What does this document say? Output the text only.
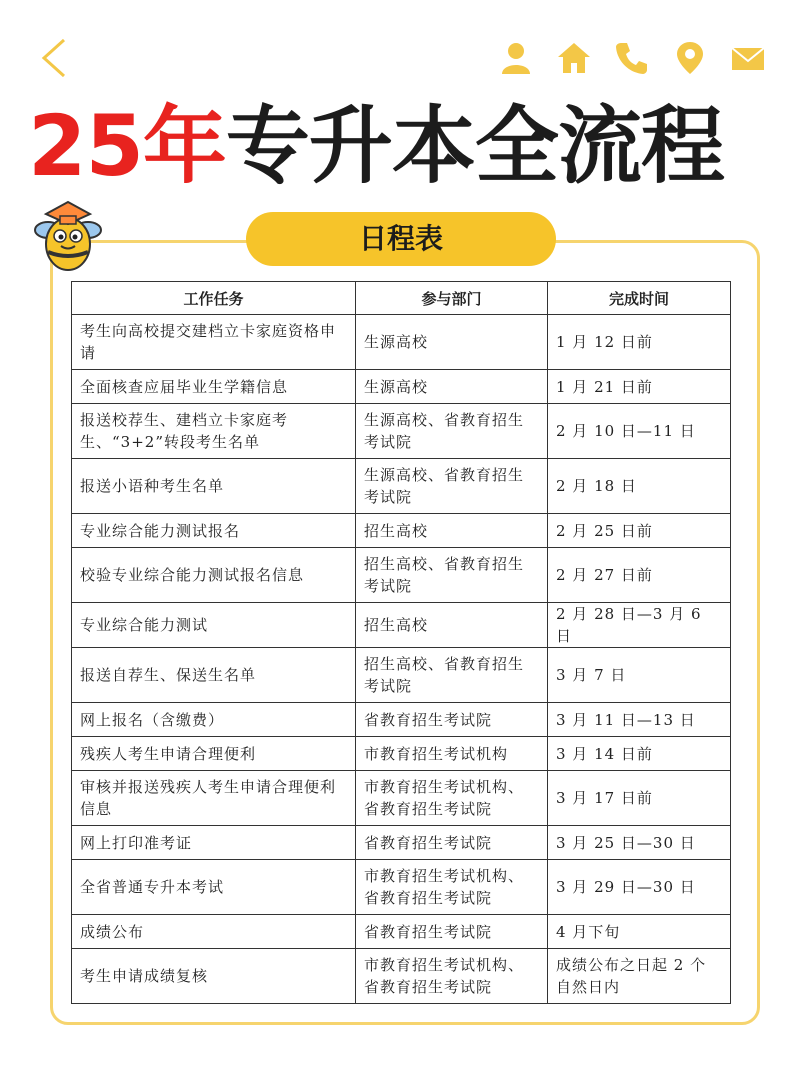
25年专升本全流程
日程表
工作任务	参与部门	完成时间
考生向高校提交建档立卡家庭资格申请	生源高校	1 月 12 日前
全面核查应届毕业生学籍信息	生源高校	1 月 21 日前
报送校荐生、建档立卡家庭考生、“3+2”转段考生名单	生源高校、省教育招生考试院	2 月 10 日—11 日
报送小语种考生名单	生源高校、省教育招生考试院	2 月 18 日
专业综合能力测试报名	招生高校	2 月 25 日前
校验专业综合能力测试报名信息	招生高校、省教育招生考试院	2 月 27 日前
专业综合能力测试	招生高校	2 月 28 日—3 月 6 日
报送自荐生、保送生名单	招生高校、省教育招生考试院	3 月 7 日
网上报名（含缴费）	省教育招生考试院	3 月 11 日—13 日
残疾人考生申请合理便利	市教育招生考试机构	3 月 14 日前
审核并报送残疾人考生申请合理便利信息	市教育招生考试机构、省教育招生考试院	3 月 17 日前
网上打印准考证	省教育招生考试院	3 月 25 日—30 日
全省普通专升本考试	市教育招生考试机构、省教育招生考试院	3 月 29 日—30 日
成绩公布	省教育招生考试院	4 月下旬
考生申请成绩复核	市教育招生考试机构、省教育招生考试院	成绩公布之日起 2 个自然日内
